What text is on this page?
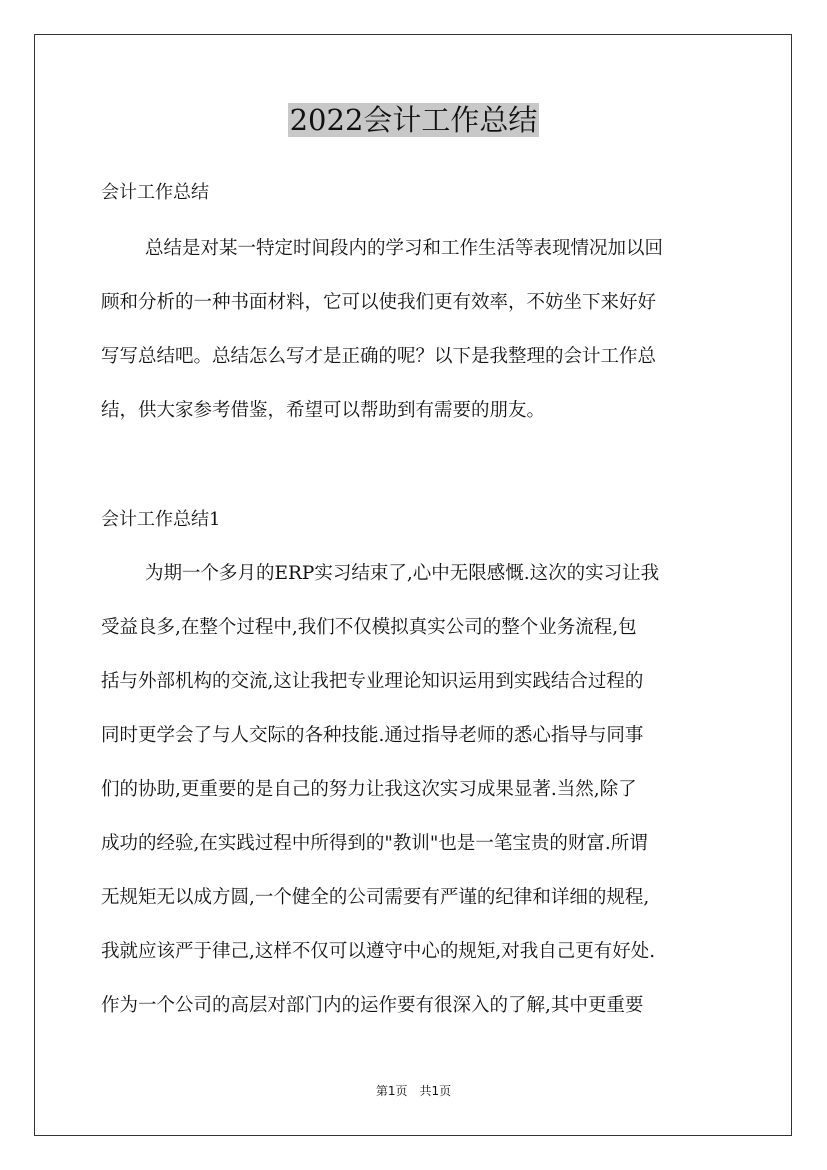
2022会计工作总结
会计工作总结
总结是对某一特定时间段内的学习和工作生活等表现情况加以回
顾和分析的一种书面材料，它可以使我们更有效率，不妨坐下来好好
写写总结吧。总结怎么写才是正确的呢？以下是我整理的会计工作总
结，供大家参考借鉴，希望可以帮助到有需要的朋友。
会计工作总结1
为期一个多月的ERP实习结束了,心中无限感慨.这次的实习让我
受益良多,在整个过程中,我们不仅模拟真实公司的整个业务流程,包
括与外部机构的交流,这让我把专业理论知识运用到实践结合过程的
同时更学会了与人交际的各种技能.通过指导老师的悉心指导与同事
们的协助,更重要的是自己的努力让我这次实习成果显著.当然,除了
成功的经验,在实践过程中所得到的"教训"也是一笔宝贵的财富.所谓
无规矩无以成方圆,一个健全的公司需要有严谨的纪律和详细的规程,
我就应该严于律己,这样不仅可以遵守中心的规矩,对我自己更有好处.
作为一个公司的高层对部门内的运作要有很深入的了解,其中更重要
第1页　共1页
